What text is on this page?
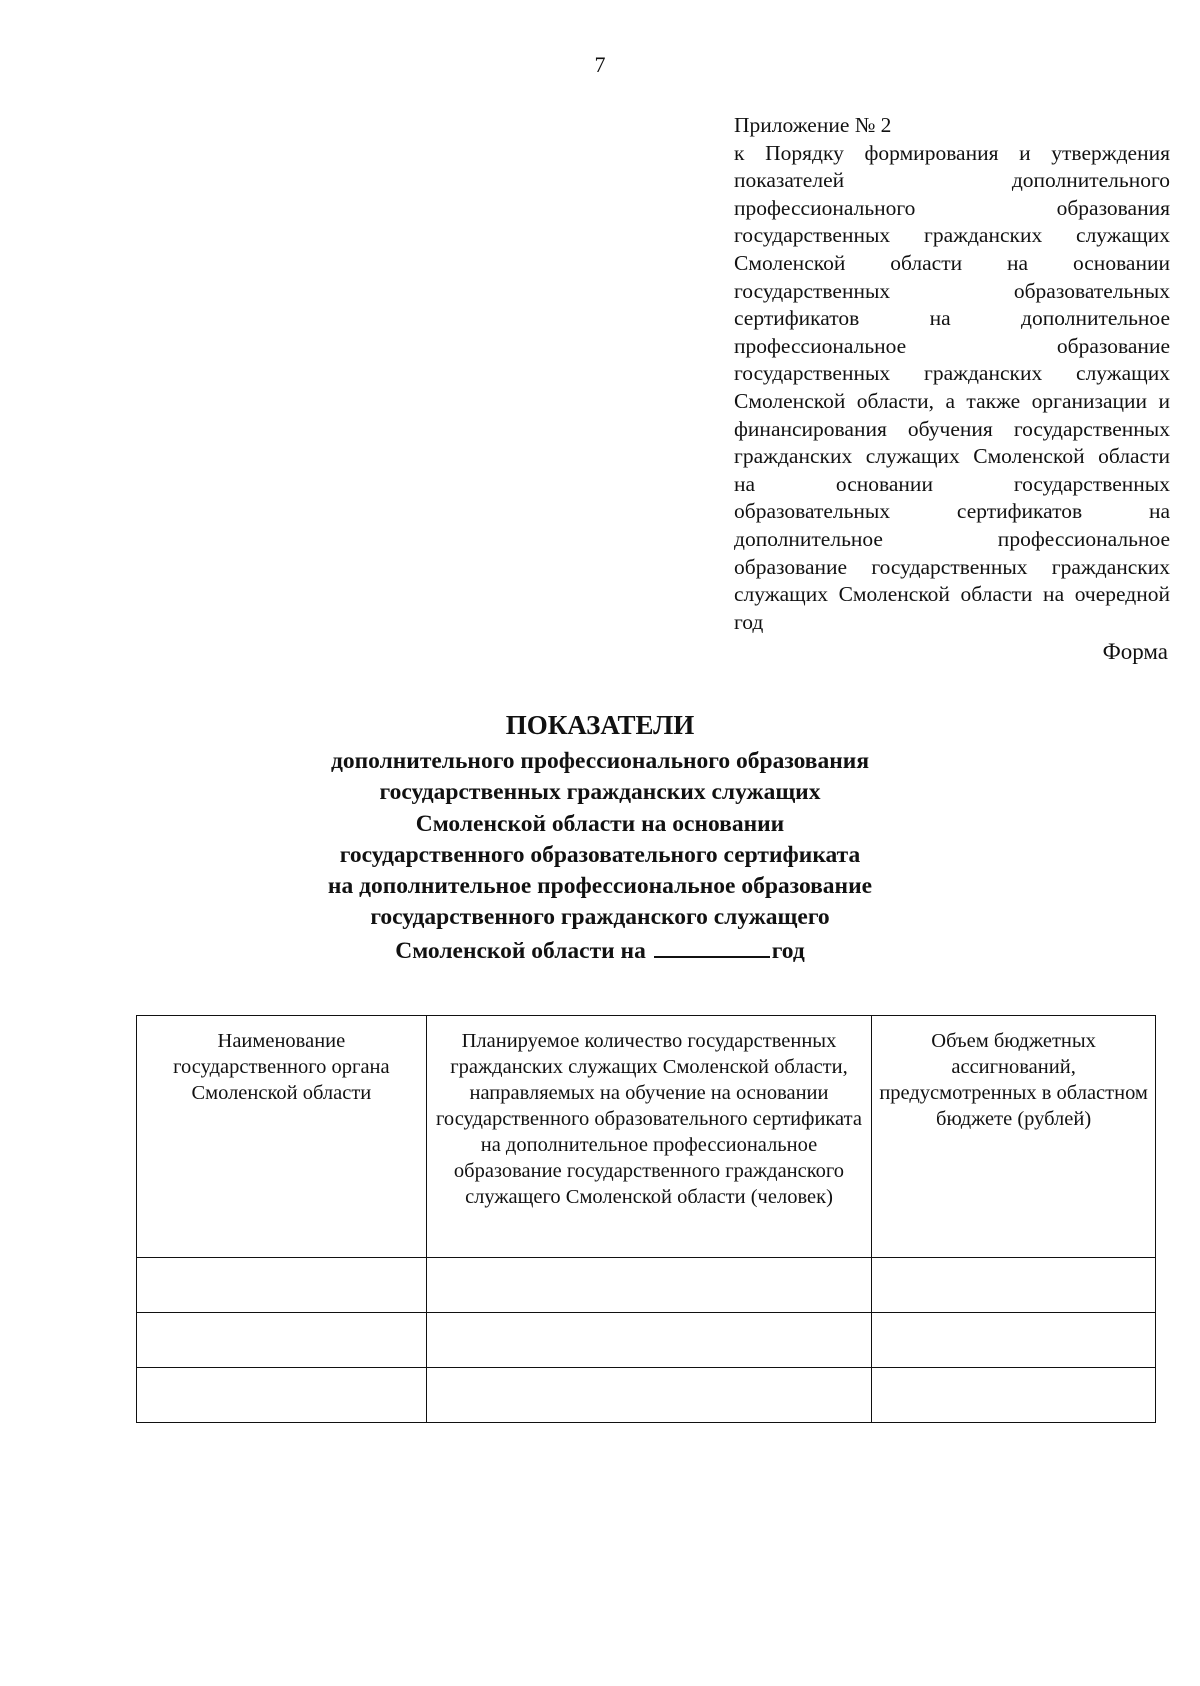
7
Приложение № 2
к Порядку формирования и утверждения показателей дополнительного профессионального образования государственных гражданских служащих Смоленской области на основании государственных образовательных сертификатов на дополнительное профессиональное образование государственных гражданских служащих Смоленской области, а также организации и финансирования обучения государственных гражданских служащих Смоленской области на основании государственных образовательных сертификатов на дополнительное профессиональное образование государственных гражданских служащих Смоленской области на очередной год
Форма
ПОКАЗАТЕЛИ
дополнительного профессионального образования
государственных гражданских служащих
Смоленской области на основании
государственного образовательного сертификата
на дополнительное профессиональное образование
государственного гражданского служащего
Смоленской области на	год
Наименование государственного органа Смоленской области	Планируемое количество государственных гражданских служащих Смоленской области, направляемых на обучение на основании государственного образовательного сертификата на дополнительное профессиональное образование государственного гражданского служащего Смоленской области (человек)	Объем бюджетных ассигнований, предусмотренных в областном бюджете (рублей)
